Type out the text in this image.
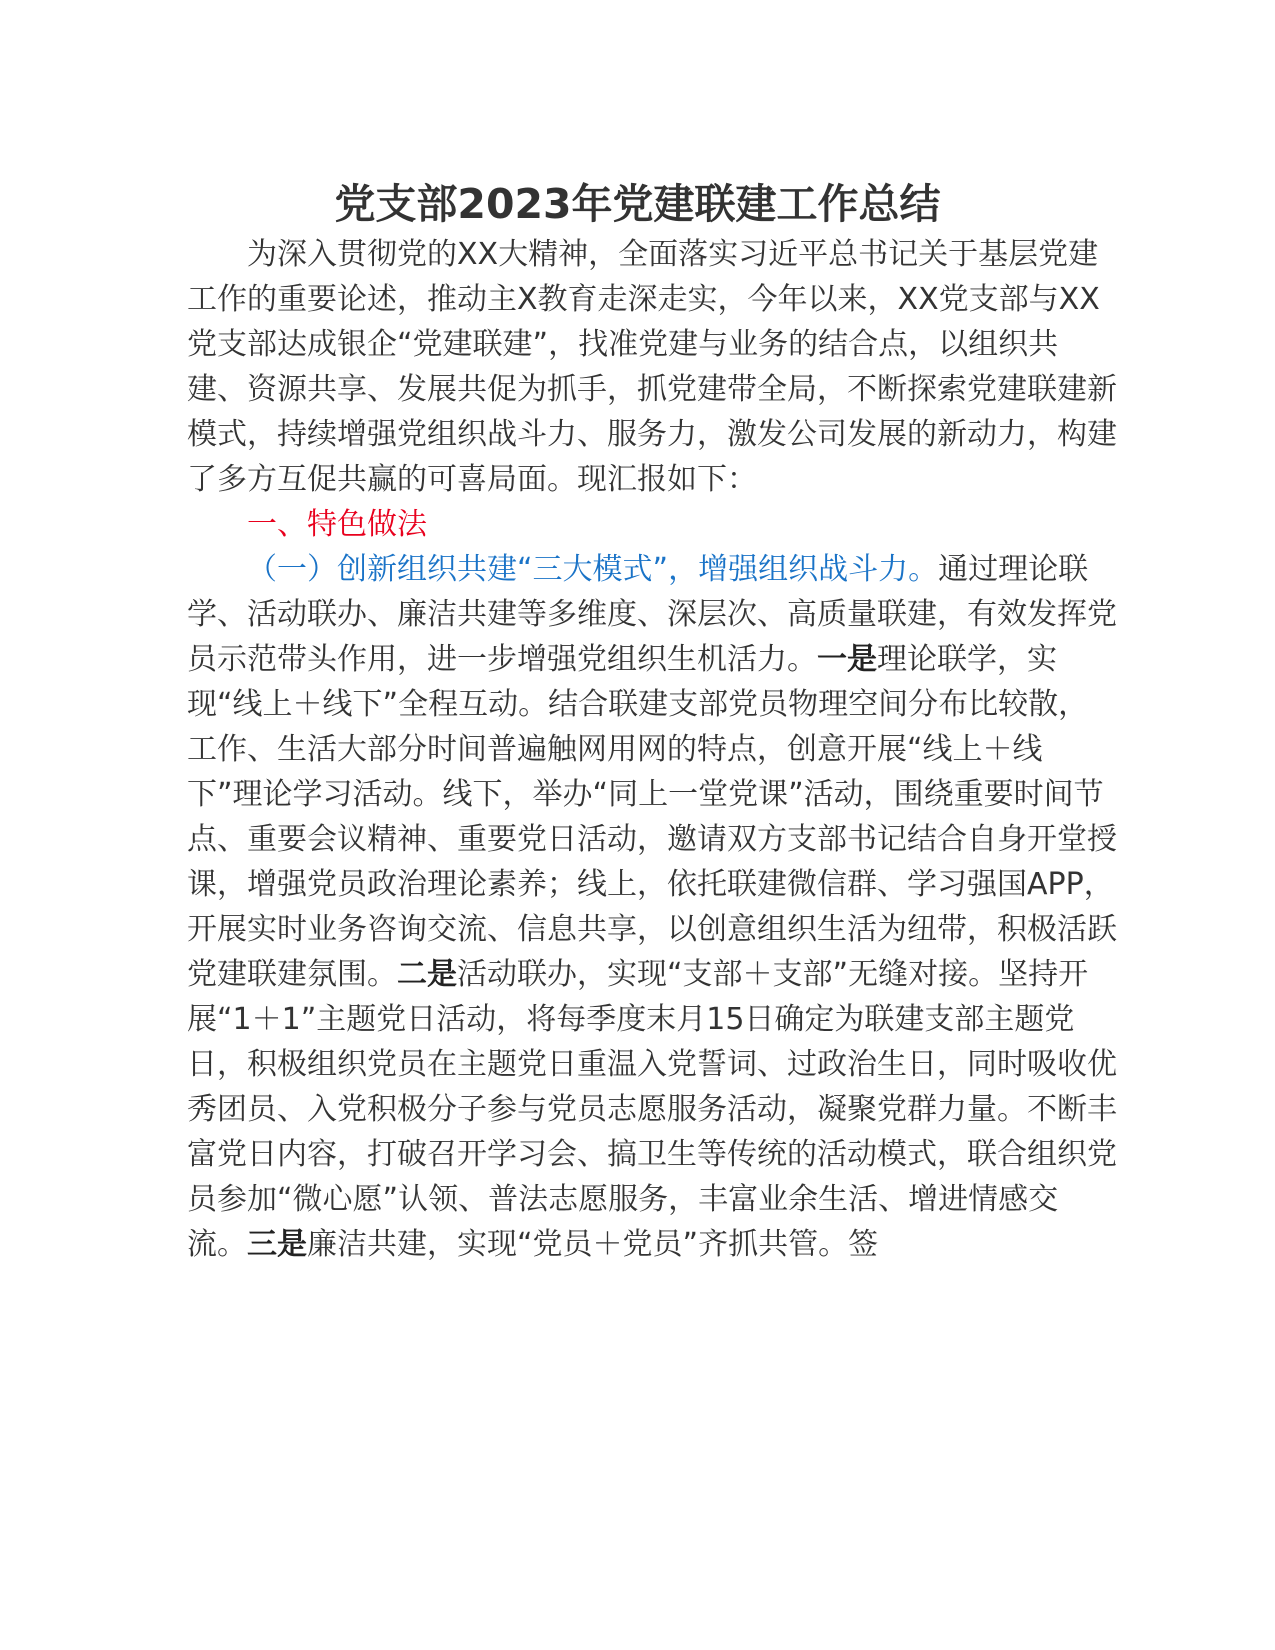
党支部2023年党建联建工作总结

为深入贯彻党的XX大精神，全面落实习近平总书记关于基层党建工作的重要论述，推动主X教育走深走实，今年以来，XX党支部与XX党支部达成银企“党建联建”，找准党建与业务的结合点，以组织共建、资源共享、发展共促为抓手，抓党建带全局，不断探索党建联建新模式，持续增强党组织战斗力、服务力，激发公司发展的新动力，构建了多方互促共赢的可喜局面。现汇报如下：

一、特色做法

（一）创新组织共建“三大模式”，增强组织战斗力。通过理论联学、活动联办、廉洁共建等多维度、深层次、高质量联建，有效发挥党员示范带头作用，进一步增强党组织生机活力。一是理论联学，实现“线上＋线下”全程互动。结合联建支部党员物理空间分布比较散，工作、生活大部分时间普遍触网用网的特点，创意开展“线上＋线下”理论学习活动。线下，举办“同上一堂党课”活动，围绕重要时间节点、重要会议精神、重要党日活动，邀请双方支部书记结合自身开堂授课，增强党员政治理论素养；线上，依托联建微信群、学习强国APP，开展实时业务咨询交流、信息共享，以创意组织生活为纽带，积极活跃党建联建氛围。二是活动联办，实现“支部＋支部”无缝对接。坚持开展“1＋1”主题党日活动，将每季度末月15日确定为联建支部主题党日，积极组织党员在主题党日重温入党誓词、过政治生日，同时吸收优秀团员、入党积极分子参与党员志愿服务活动，凝聚党群力量。不断丰富党日内容，打破召开学习会、搞卫生等传统的活动模式，联合组织党员参加“微心愿”认领、普法志愿服务，丰富业余生活、增进情感交流。三是廉洁共建，实现“党员＋党员”齐抓共管。签
